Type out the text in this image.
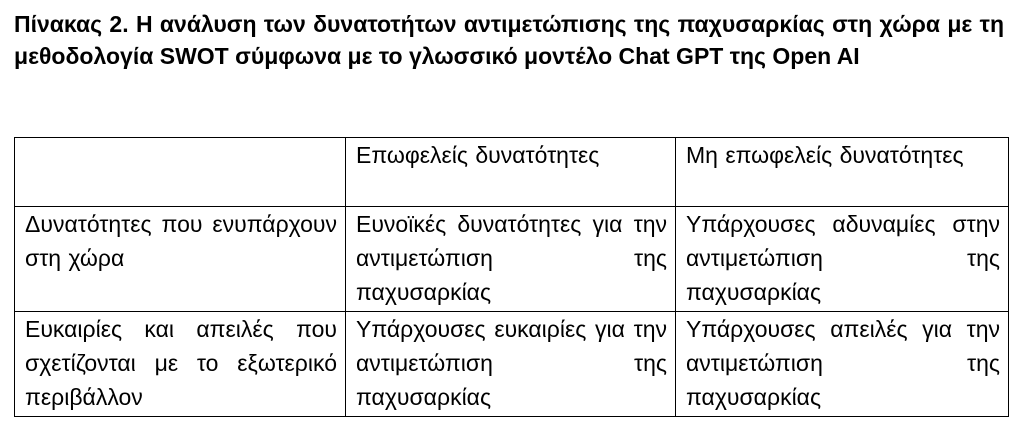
Πίνακας 2. Η ανάλυση των δυνατοτήτων αντιμετώπισης της παχυσαρκίας στη χώρα με τη μεθοδολογία SWOT σύμφωνα με το γλωσσικό μοντέλο Chat GPT της Open AI

	Επωφελείς δυνατότητες	Μη επωφελείς δυνατότητες
Δυνατότητες που ενυπάρχουν στη χώρα	Ευνοϊκές δυνατότητες για την αντιμετώπιση της παχυσαρκίας	Υπάρχουσες αδυναμίες στην αντιμετώπιση της παχυσαρκίας
Ευκαιρίες και απειλές που σχετίζονται με το εξωτερικό περιβάλλον	Υπάρχουσες ευκαιρίες για την αντιμετώπιση της παχυσαρκίας	Υπάρχουσες απειλές για την αντιμετώπιση της παχυσαρκίας
